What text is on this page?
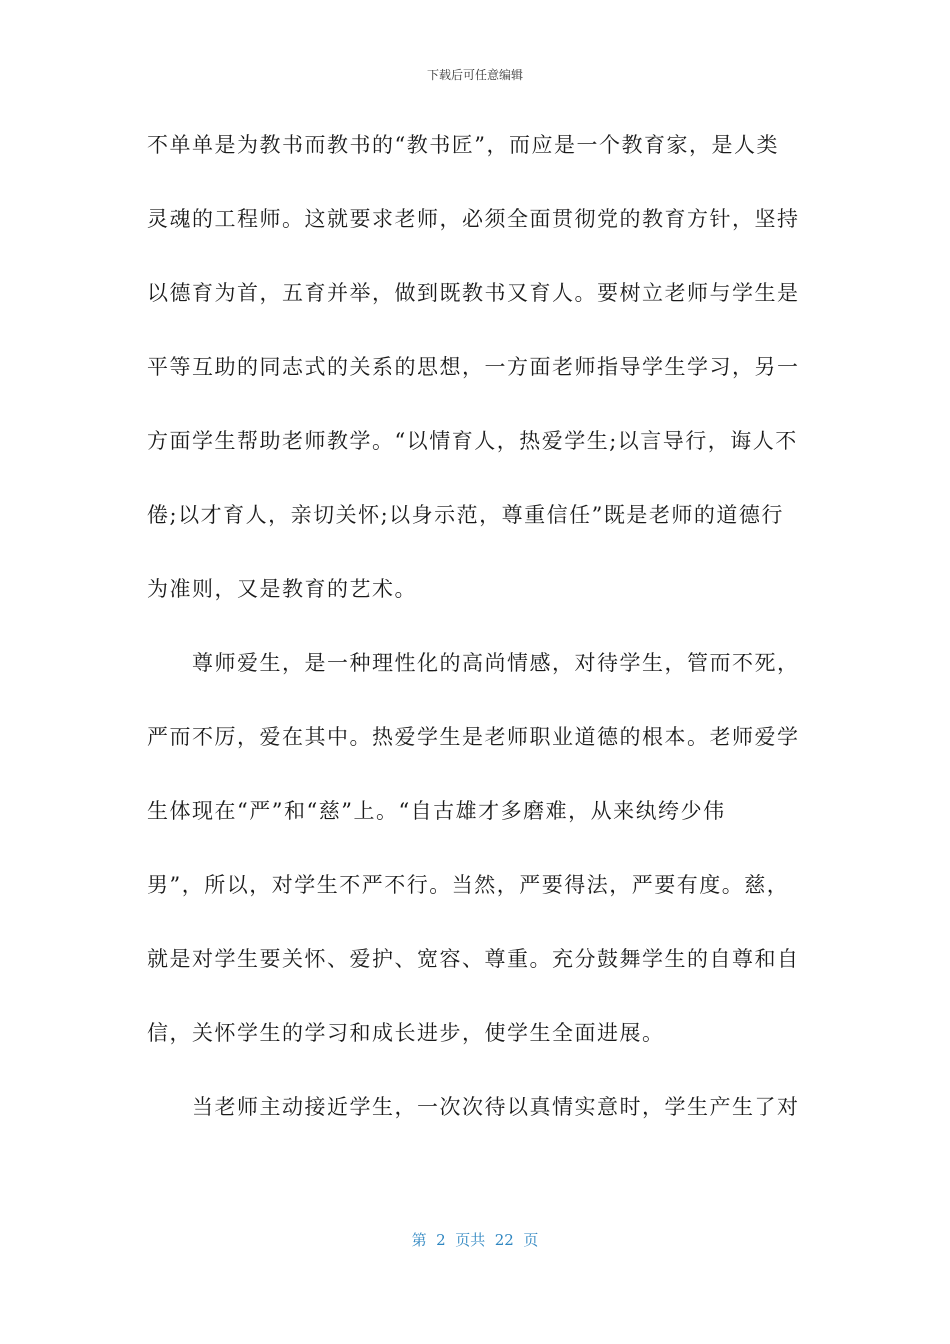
下载后可任意编辑
不单单是为教书而教书的“教书匠”，而应是一个教育家，是人类
灵魂的工程师。这就要求老师，必须全面贯彻党的教育方针，坚持
以德育为首，五育并举，做到既教书又育人。要树立老师与学生是
平等互助的同志式的关系的思想，一方面老师指导学生学习，另一
方面学生帮助老师教学。“以情育人，热爱学生;以言导行，诲人不
倦;以才育人，亲切关怀;以身示范，尊重信任”既是老师的道德行
为准则，又是教育的艺术。
　　尊师爱生，是一种理性化的高尚情感，对待学生，管而不死，
严而不厉，爱在其中。热爱学生是老师职业道德的根本。老师爱学
生体现在“严”和“慈”上。“自古雄才多磨难，从来纨绔少伟
男”，所以，对学生不严不行。当然，严要得法，严要有度。慈，
就是对学生要关怀、爱护、宽容、尊重。充分鼓舞学生的自尊和自
信，关怀学生的学习和成长进步，使学生全面进展。
　　当老师主动接近学生，一次次待以真情实意时，学生产生了对
第  2  页共  22  页
